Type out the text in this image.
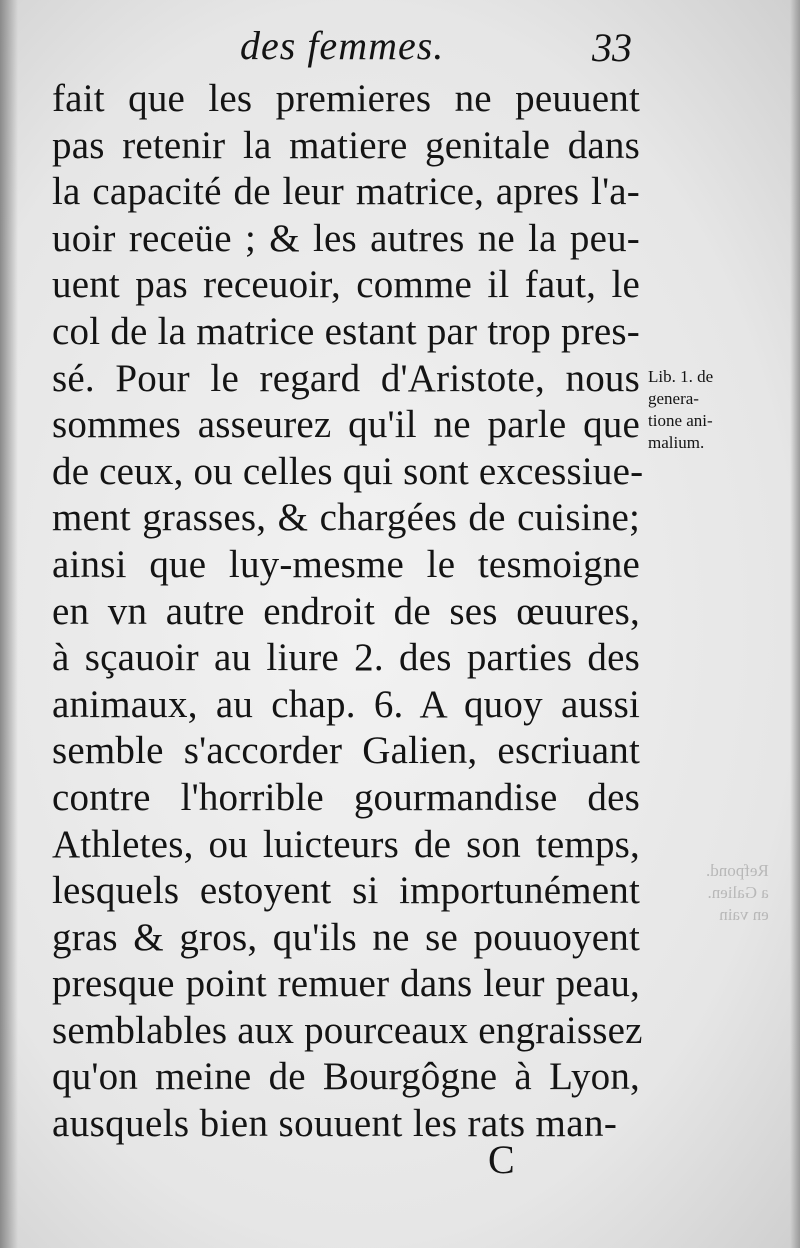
Refpond.
a Galien.
en vain
des femmes.	33
fait que les premieres ne peuuent
pas retenir la matiere genitale dans
la capacité de leur matrice, apres l'a-
uoir receüe ; & les autres ne la peu-
uent pas receuoir, comme il faut, le
col de la matrice estant par trop pres-
sé. Pour le regard d'Aristote, nous
sommes asseurez qu'il ne parle que
de ceux, ou celles qui sont excessiue-
ment grasses, & chargées de cuisine;
ainsi que luy-mesme le tesmoigne
en vn autre endroit de ses œuures,
à sçauoir au liure 2. des parties des
animaux, au chap. 6. A quoy aussi
semble s'accorder Galien, escriuant
contre l'horrible gourmandise des
Athletes, ou luicteurs de son temps,
lesquels estoyent si importunément
gras & gros, qu'ils ne se pouuoyent
presque point remuer dans leur peau,
semblables aux pourceaux engraissez
qu'on meine de Bourgôgne à Lyon,
ausquels bien souuent les rats man-
Lib. 1. de
genera-
tione ani-
malium.
C
